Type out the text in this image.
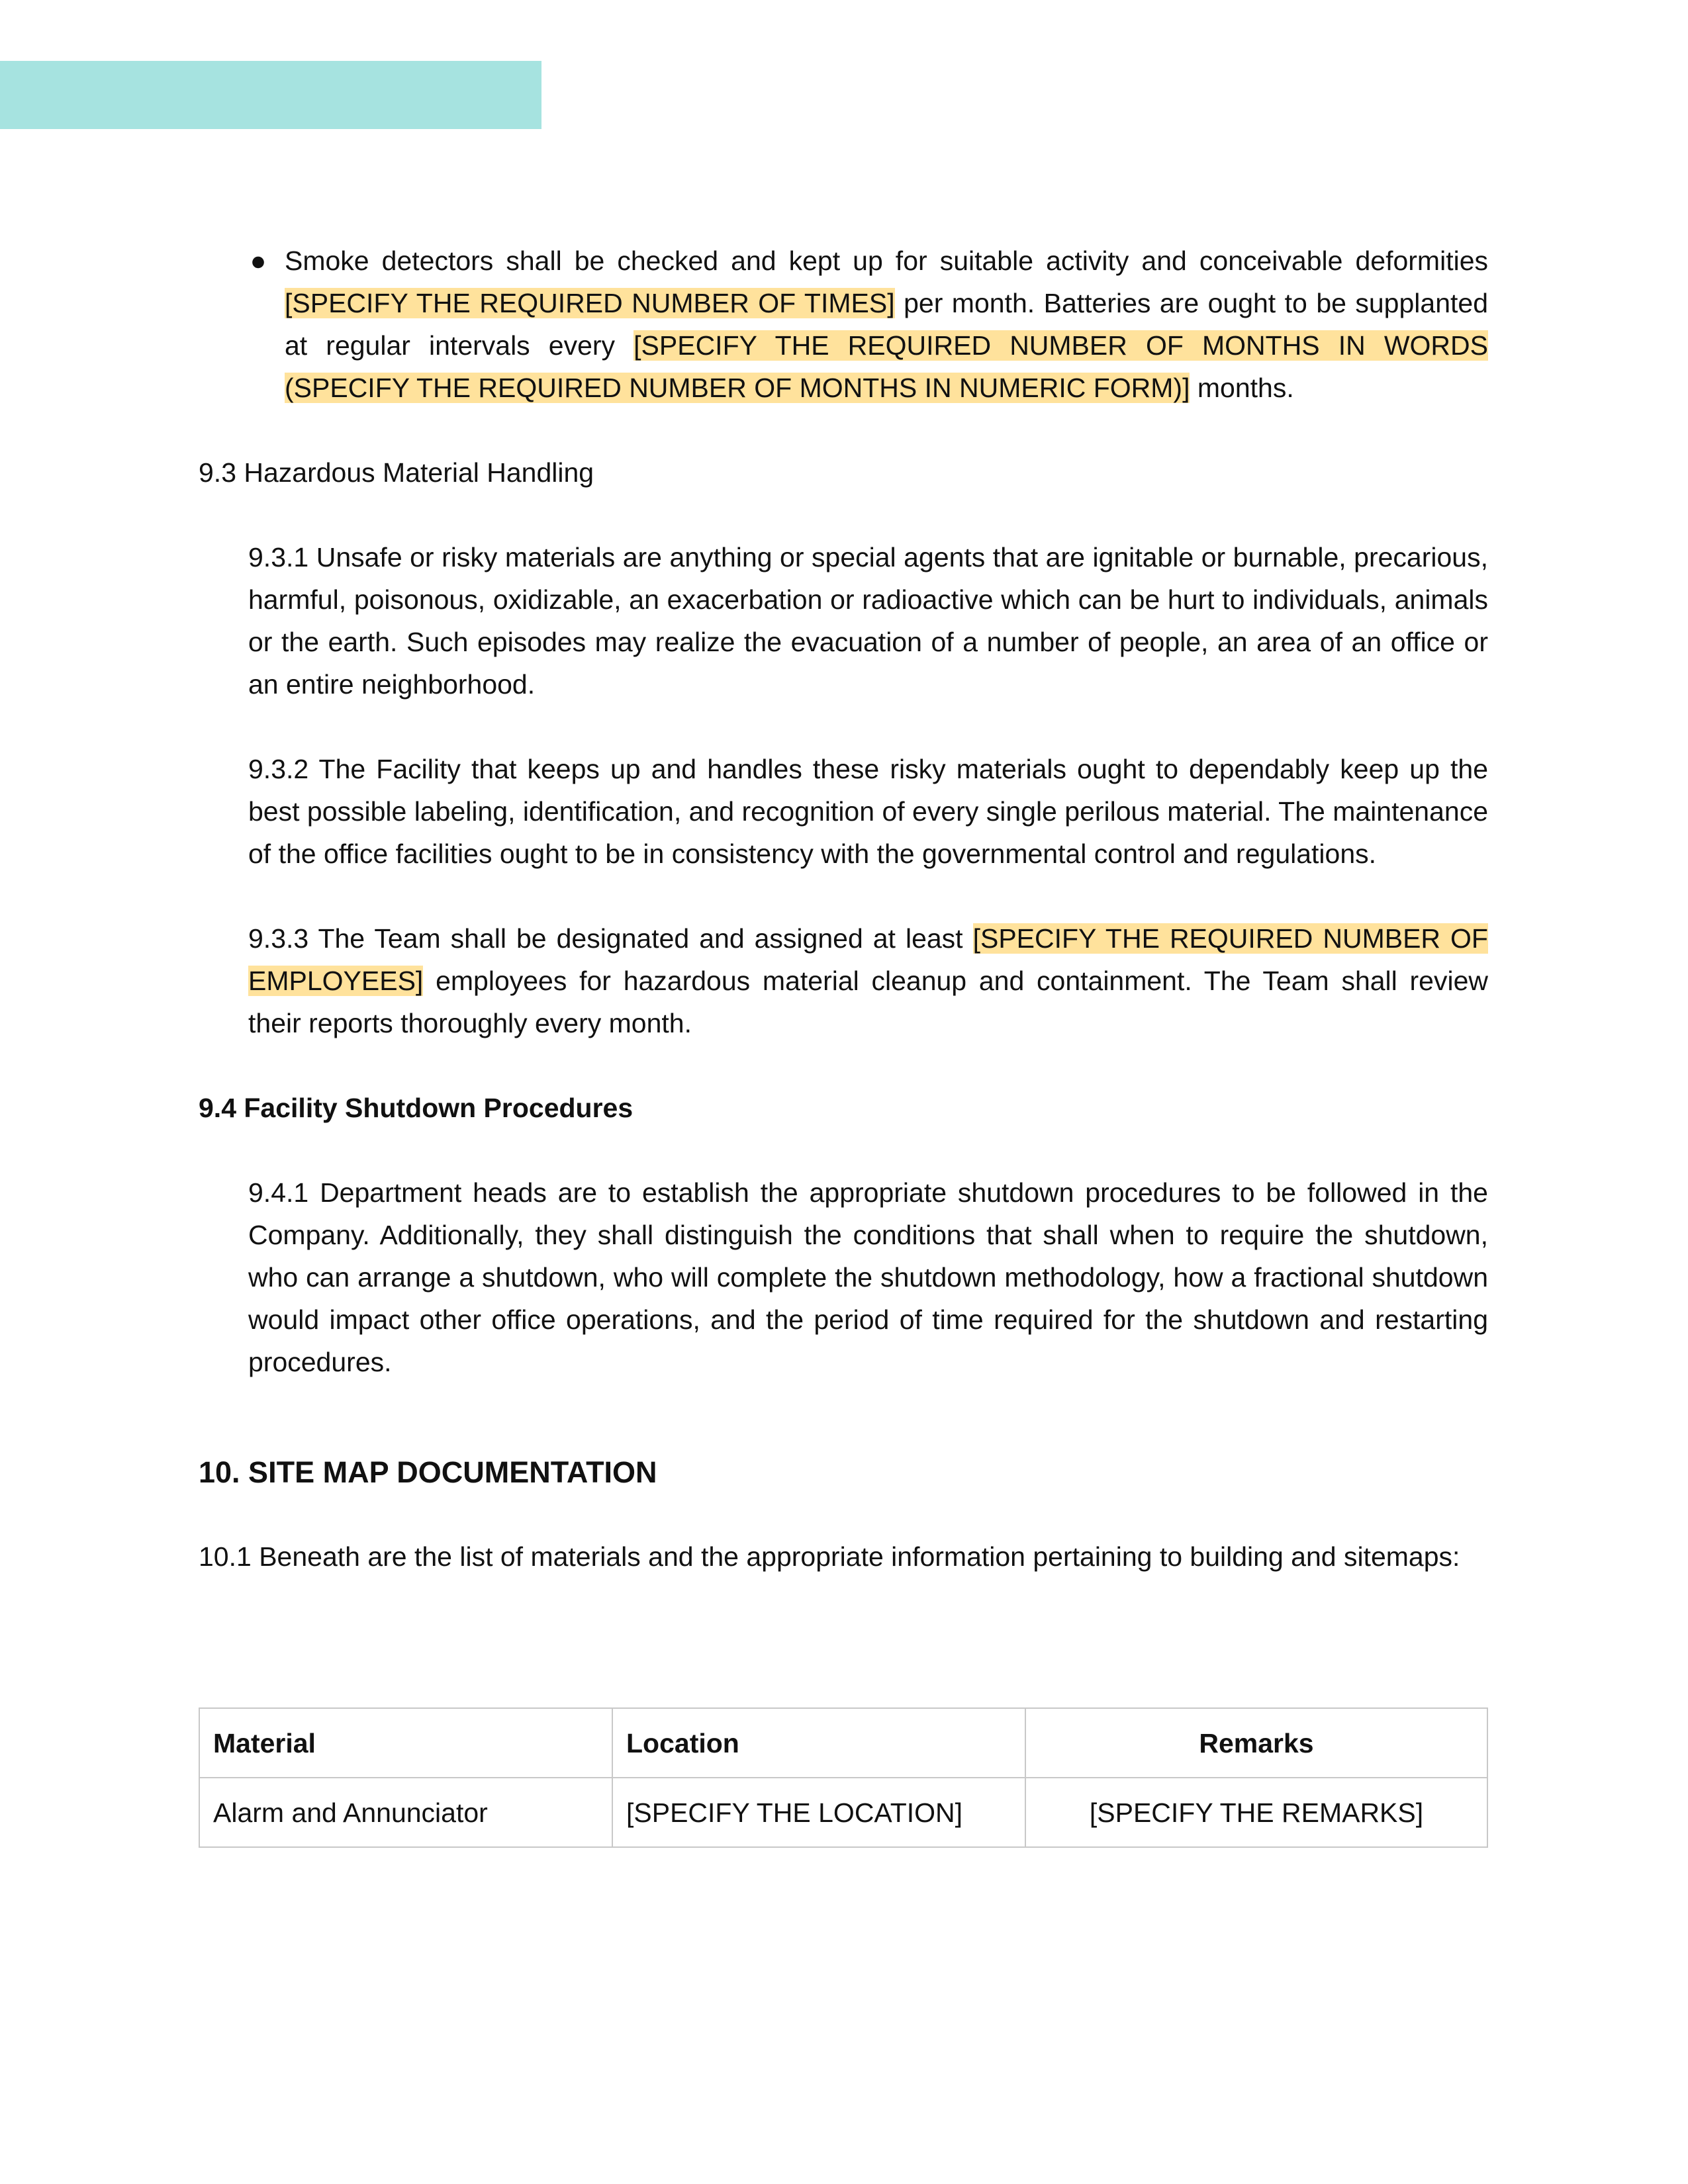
● Smoke detectors shall be checked and kept up for suitable activity and conceivable deformities [SPECIFY THE REQUIRED NUMBER OF TIMES] per month. Batteries are ought to be supplanted at regular intervals every [SPECIFY THE REQUIRED NUMBER OF MONTHS IN WORDS (SPECIFY THE REQUIRED NUMBER OF MONTHS IN NUMERIC FORM)] months.

9.3 Hazardous Material Handling

9.3.1 Unsafe or risky materials are anything or special agents that are ignitable or burnable, precarious, harmful, poisonous, oxidizable, an exacerbation or radioactive which can be hurt to individuals, animals or the earth. Such episodes may realize the evacuation of a number of people, an area of an office or an entire neighborhood.

9.3.2 The Facility that keeps up and handles these risky materials ought to dependably keep up the best possible labeling, identification, and recognition of every single perilous material. The maintenance of the office facilities ought to be in consistency with the governmental control and regulations.

9.3.3 The Team shall be designated and assigned at least [SPECIFY THE REQUIRED NUMBER OF EMPLOYEES] employees for hazardous material cleanup and containment. The Team shall review their reports thoroughly every month.

9.4 Facility Shutdown Procedures

9.4.1 Department heads are to establish the appropriate shutdown procedures to be followed in the Company. Additionally, they shall distinguish the conditions that shall when to require the shutdown, who can arrange a shutdown, who will complete the shutdown methodology, how a fractional shutdown would impact other office operations, and the period of time required for the shutdown and restarting procedures.

10. SITE MAP DOCUMENTATION

10.1 Beneath are the list of materials and the appropriate information pertaining to building and sitemaps:

Material	Location	Remarks
Alarm and Annunciator	[SPECIFY THE LOCATION]	[SPECIFY THE REMARKS]
